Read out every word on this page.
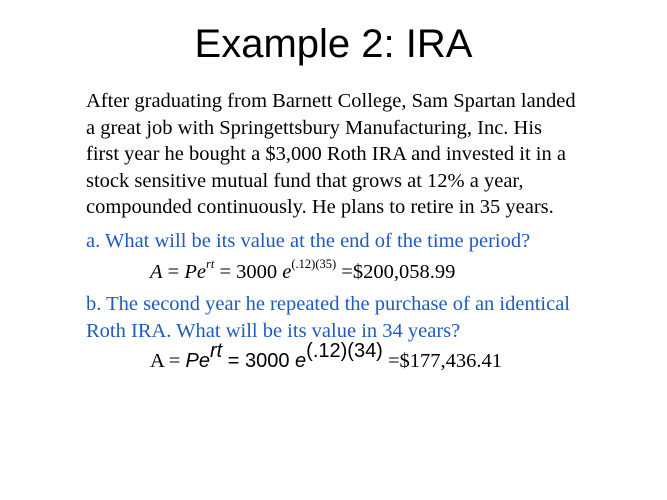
Example 2: IRA
After graduating from Barnett College, Sam Spartan landed
a great job with Springettsbury Manufacturing, Inc. His
first year he bought a $3,000 Roth IRA and invested it in a
stock sensitive mutual fund that grows at 12% a year,
compounded continuously. He plans to retire in 35 years.
a. What will be its value at the end of the time period?
$A = Pe^{rt} = 3000$ $e^{(.12)(35)}$ =$200,058.99
b. The second year he repeated the purchase of an identical
Roth IRA. What will be its value in 34 years?
$A = Pe^{rt} = 3000$ $e^{(.12)(34)}$ =$177,436.41
